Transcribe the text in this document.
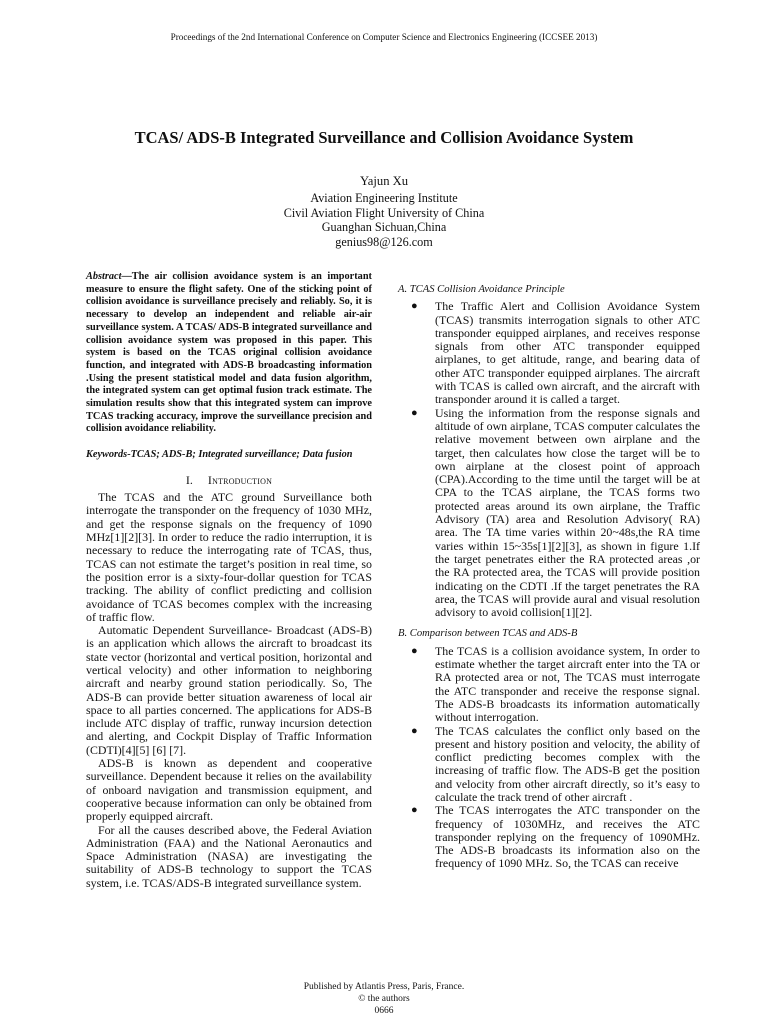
Proceedings of the 2nd International Conference on Computer Science and Electronics Engineering (ICCSEE 2013)
TCAS/ ADS-B Integrated Surveillance and Collision Avoidance System
Yajun Xu
Aviation Engineering Institute
Civil Aviation Flight University of China
Guanghan Sichuan,China
genius98@126.com

Abstract—The air collision avoidance system is an important measure to ensure the flight safety. One of the sticking point of collision avoidance is surveillance precisely and reliably. So, it is necessary to develop an independent and reliable air-air surveillance system. A TCAS/ ADS-B integrated surveillance and collision avoidance system was proposed in this paper. This system is based on the TCAS original collision avoidance function, and integrated with ADS-B broadcasting information .Using the present statistical model and data fusion algorithm, the integrated system can get optimal fusion track estimate. The simulation results show that this integrated system can improve TCAS tracking accuracy, improve the surveillance precision and collision avoidance reliability.

Keywords-TCAS; ADS-B; Integrated surveillance; Data fusion

I. Introduction

The TCAS and the ATC ground Surveillance both interrogate the transponder on the frequency of 1030 MHz, and get the response signals on the frequency of 1090 MHz[1][2][3]. In order to reduce the radio interruption, it is necessary to reduce the interrogating rate of TCAS, thus, TCAS can not estimate the target’s position in real time, so the position error is a sixty-four-dollar question for TCAS tracking. The ability of conflict predicting and collision avoidance of TCAS becomes complex with the increasing of traffic flow.

Automatic Dependent Surveillance- Broadcast (ADS-B) is an application which allows the aircraft to broadcast its state vector (horizontal and vertical position, horizontal and vertical velocity) and other information to neighboring aircraft and nearby ground station periodically. So, The ADS-B can provide better situation awareness of local air space to all parties concerned. The applications for ADS-B include ATC display of traffic, runway incursion detection and alerting, and Cockpit Display of Traffic Information (CDTI)[4][5] [6] [7].

ADS-B is known as dependent and cooperative surveillance. Dependent because it relies on the availability of onboard navigation and transmission equipment, and cooperative because information can only be obtained from properly equipped aircraft.

For all the causes described above, the Federal Aviation Administration (FAA) and the National Aeronautics and Space Administration (NASA) are investigating the suitability of ADS-B technology to support the TCAS system, i.e. TCAS/ADS-B integrated surveillance system.

A. TCAS Collision Avoidance Principle
● The Traffic Alert and Collision Avoidance System (TCAS) transmits interrogation signals to other ATC transponder equipped airplanes, and receives response signals from other ATC transponder equipped airplanes, to get altitude, range, and bearing data of other ATC transponder equipped airplanes. The aircraft with TCAS is called own aircraft, and the aircraft with transponder around it is called a target.
● Using the information from the response signals and altitude of own airplane, TCAS computer calculates the relative movement between own airplane and the target, then calculates how close the target will be to own airplane at the closest point of approach (CPA).According to the time until the target will be at CPA to the TCAS airplane, the TCAS forms two protected areas around its own airplane, the Traffic Advisory (TA) area and Resolution Advisory( RA) area. The TA time varies within 20~48s,the RA time varies within 15~35s[1][2][3], as shown in figure 1.If the target penetrates either the RA protected areas ,or the RA protected area, the TCAS will provide position indicating on the CDTI .If the target penetrates the RA area, the TCAS will provide aural and visual resolution advisory to avoid collision[1][2].
B. Comparison between TCAS and ADS-B
● The TCAS is a collision avoidance system, In order to estimate whether the target aircraft enter into the TA or RA protected area or not, The TCAS must interrogate the ATC transponder and receive the response signal. The ADS-B broadcasts its information automatically without interrogation.
● The TCAS calculates the conflict only based on the present and history position and velocity, the ability of conflict predicting becomes complex with the increasing of traffic flow. The ADS-B get the position and velocity from other aircraft directly, so it’s easy to calculate the track trend of other aircraft .
● The TCAS interrogates the ATC transponder on the frequency of 1030MHz, and receives the ATC transponder replying on the frequency of 1090MHz. The ADS-B broadcasts its information also on the frequency of 1090 MHz. So, the TCAS can receive
Published by Atlantis Press, Paris, France.
© the authors
0666
